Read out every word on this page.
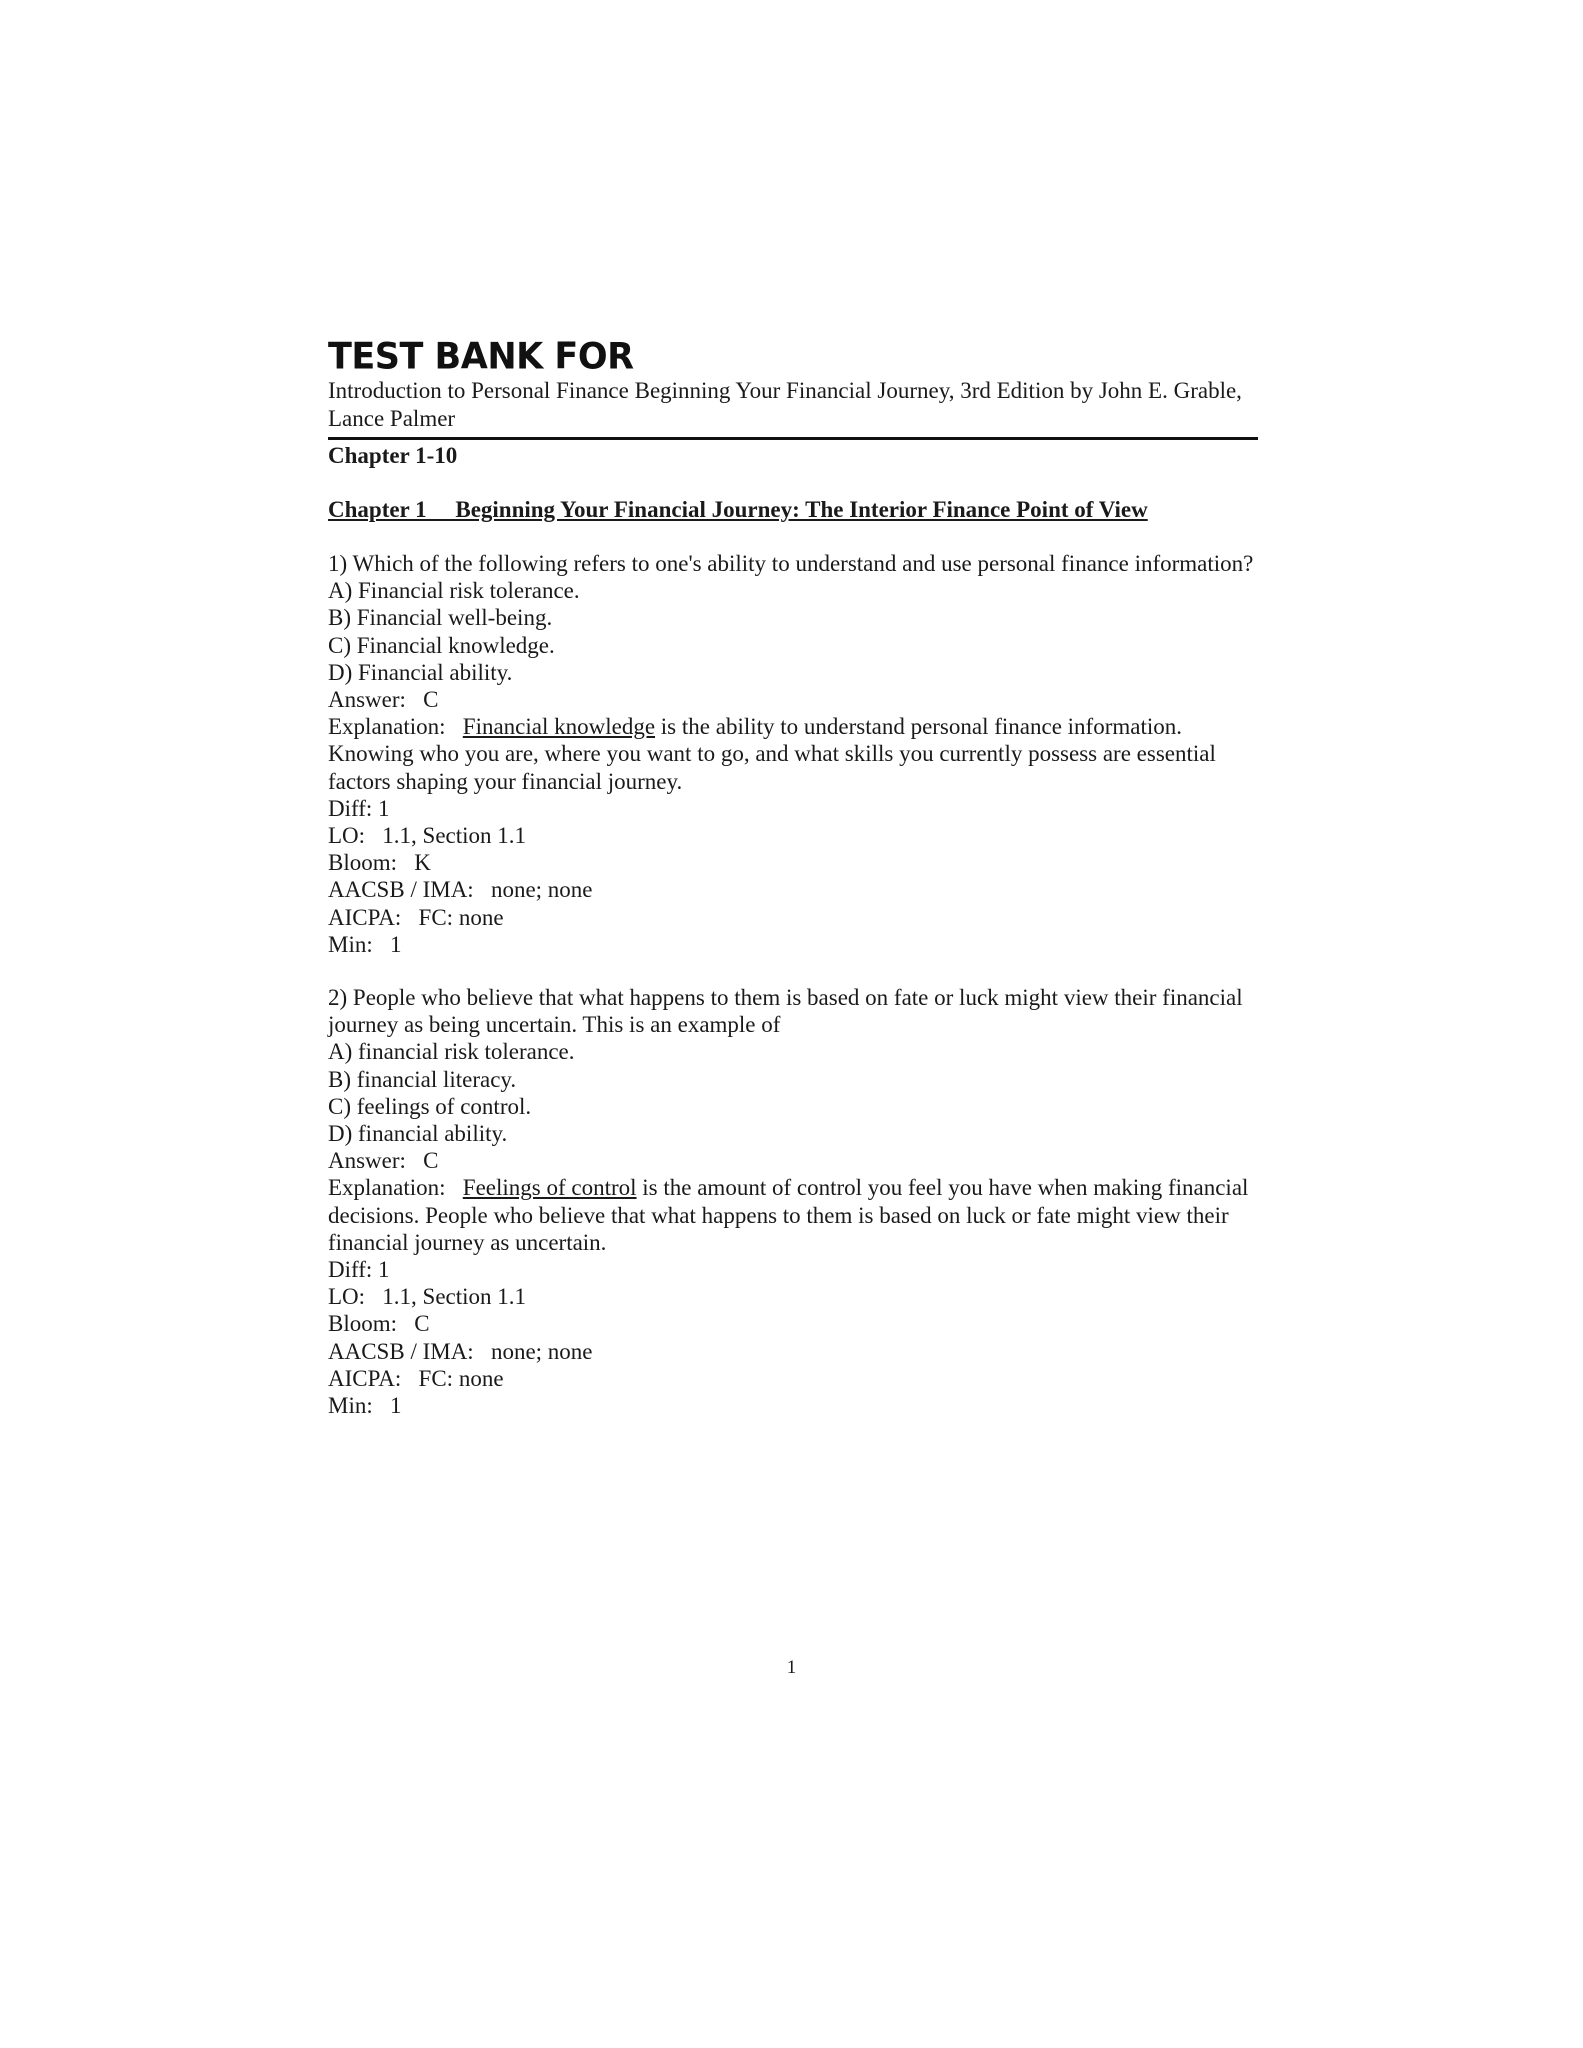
TEST BANK FOR

Introduction to Personal Finance Beginning Your Financial Journey, 3rd Edition by John E. Grable, Lance Palmer

Chapter 1-10

Chapter 1     Beginning Your Financial Journey: The Interior Finance Point of View

1) Which of the following refers to one's ability to understand and use personal finance information?
A) Financial risk tolerance.
B) Financial well-being.
C) Financial knowledge.
D) Financial ability.
Answer:   C
Explanation:   Financial knowledge is the ability to understand personal finance information. Knowing who you are, where you want to go, and what skills you currently possess are essential factors shaping your financial journey.
Diff: 1
LO:   1.1, Section 1.1
Bloom:   K
AACSB / IMA:   none; none
AICPA:   FC: none
Min:   1
2) People who believe that what happens to them is based on fate or luck might view their financial journey as being uncertain. This is an example of
A) financial risk tolerance.
B) financial literacy.
C) feelings of control.
D) financial ability.
Answer:   C
Explanation:   Feelings of control is the amount of control you feel you have when making financial decisions. People who believe that what happens to them is based on luck or fate might view their financial journey as uncertain.
Diff: 1
LO:   1.1, Section 1.1
Bloom:   C
AACSB / IMA:   none; none
AICPA:   FC: none
Min:   1
1
